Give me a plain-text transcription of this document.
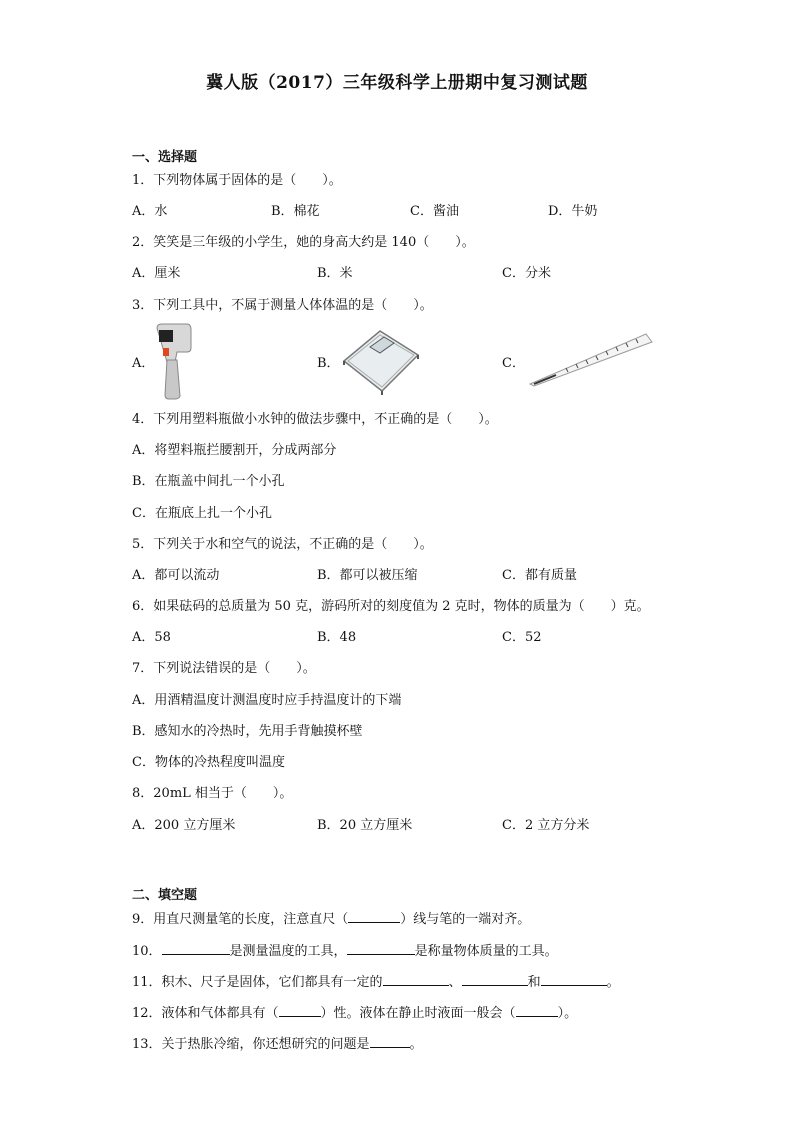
冀人版（2017）三年级科学上册期中复习测试题
一、选择题
1．下列物体属于固体的是（　　）。
A．水	B．棉花	C．酱油	D．牛奶
2．笑笑是三年级的小学生，她的身高大约是 140（　　）。
A．厘米	B．米	C．分米
3．下列工具中，不属于测量人体体温的是（　　）。
A．	B．	C．
4．下列用塑料瓶做小水钟的做法步骤中，不正确的是（　　）。
A．将塑料瓶拦腰割开，分成两部分
B．在瓶盖中间扎一个小孔
C．在瓶底上扎一个小孔
5．下列关于水和空气的说法，不正确的是（　　）。
A．都可以流动	B．都可以被压缩	C．都有质量
6．如果砝码的总质量为 50 克，游码所对的刻度值为 2 克时，物体的质量为（　　）克。
A．58	B．48	C．52
7．下列说法错误的是（　　）。
A．用酒精温度计测温度时应手持温度计的下端
B．感知水的冷热时，先用手背触摸杯壁
C．物体的冷热程度叫温度
8．20mL 相当于（　　）。
A．200 立方厘米	B．20 立方厘米	C．2 立方分米
二、填空题
9．用直尺测量笔的长度，注意直尺（	）线与笔的一端对齐。
10．	是测量温度的工具，	是称量物体质量的工具。
11．积木、尺子是固体，它们都具有一定的	、	和	。
12．液体和气体都具有（	）性。液体在静止时液面一般会（	）。
13．关于热胀冷缩，你还想研究的问题是	。
